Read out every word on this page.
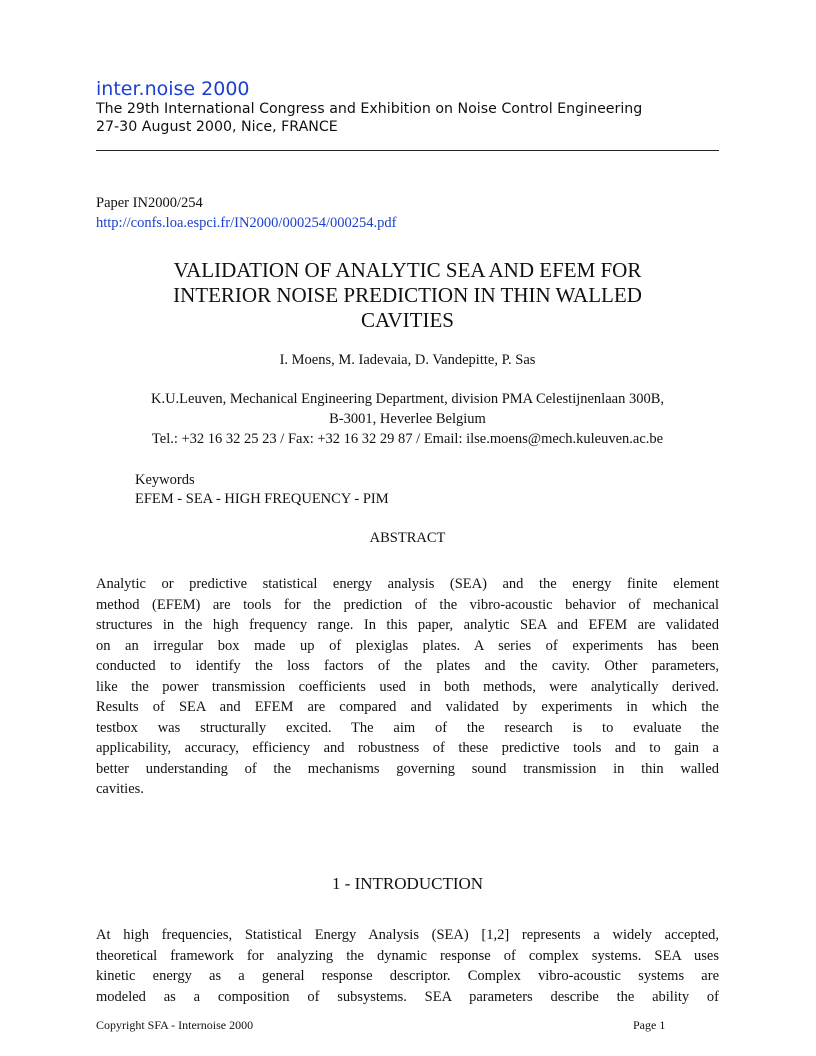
inter.noise 2000

The 29th International Congress and Exhibition on Noise Control Engineering

27-30 August 2000, Nice, FRANCE

Paper IN2000/254
http://confs.loa.espci.fr/IN2000/000254/000254.pdf
VALIDATION OF ANALYTIC SEA AND EFEM FOR
INTERIOR NOISE PREDICTION IN THIN WALLED
CAVITIES
I. Moens, M. Iadevaia, D. Vandepitte, P. Sas
K.U.Leuven, Mechanical Engineering Department, division PMA Celestijnenlaan 300B,
B-3001, Heverlee Belgium
Tel.: +32 16 32 25 23 / Fax: +32 16 32 29 87 / Email: ilse.moens@mech.kuleuven.ac.be
Keywords
EFEM - SEA - HIGH FREQUENCY - PIM
ABSTRACT
Analytic or predictive statistical energy analysis (SEA) and the energy finite element
method (EFEM) are tools for the prediction of the vibro-acoustic behavior of mechanical
structures in the high frequency range. In this paper, analytic SEA and EFEM are validated
on an irregular box made up of plexiglas plates. A series of experiments has been
conducted to identify the loss factors of the plates and the cavity. Other parameters,
like the power transmission coefficients used in both methods, were analytically derived.
Results of SEA and EFEM are compared and validated by experiments in which the
testbox was structurally excited. The aim of the research is to evaluate the
applicability, accuracy, efficiency and robustness of these predictive tools and to gain a
better understanding of the mechanisms governing sound transmission in thin walled
cavities.
1 - INTRODUCTION
At high frequencies, Statistical Energy Analysis (SEA) [1,2] represents a widely accepted,
theoretical framework for analyzing the dynamic response of complex systems. SEA uses
kinetic energy as a general response descriptor. Complex vibro-acoustic systems are
modeled as a composition of subsystems. SEA parameters describe the ability of
Copyright SFA - Internoise 2000	Page 1
